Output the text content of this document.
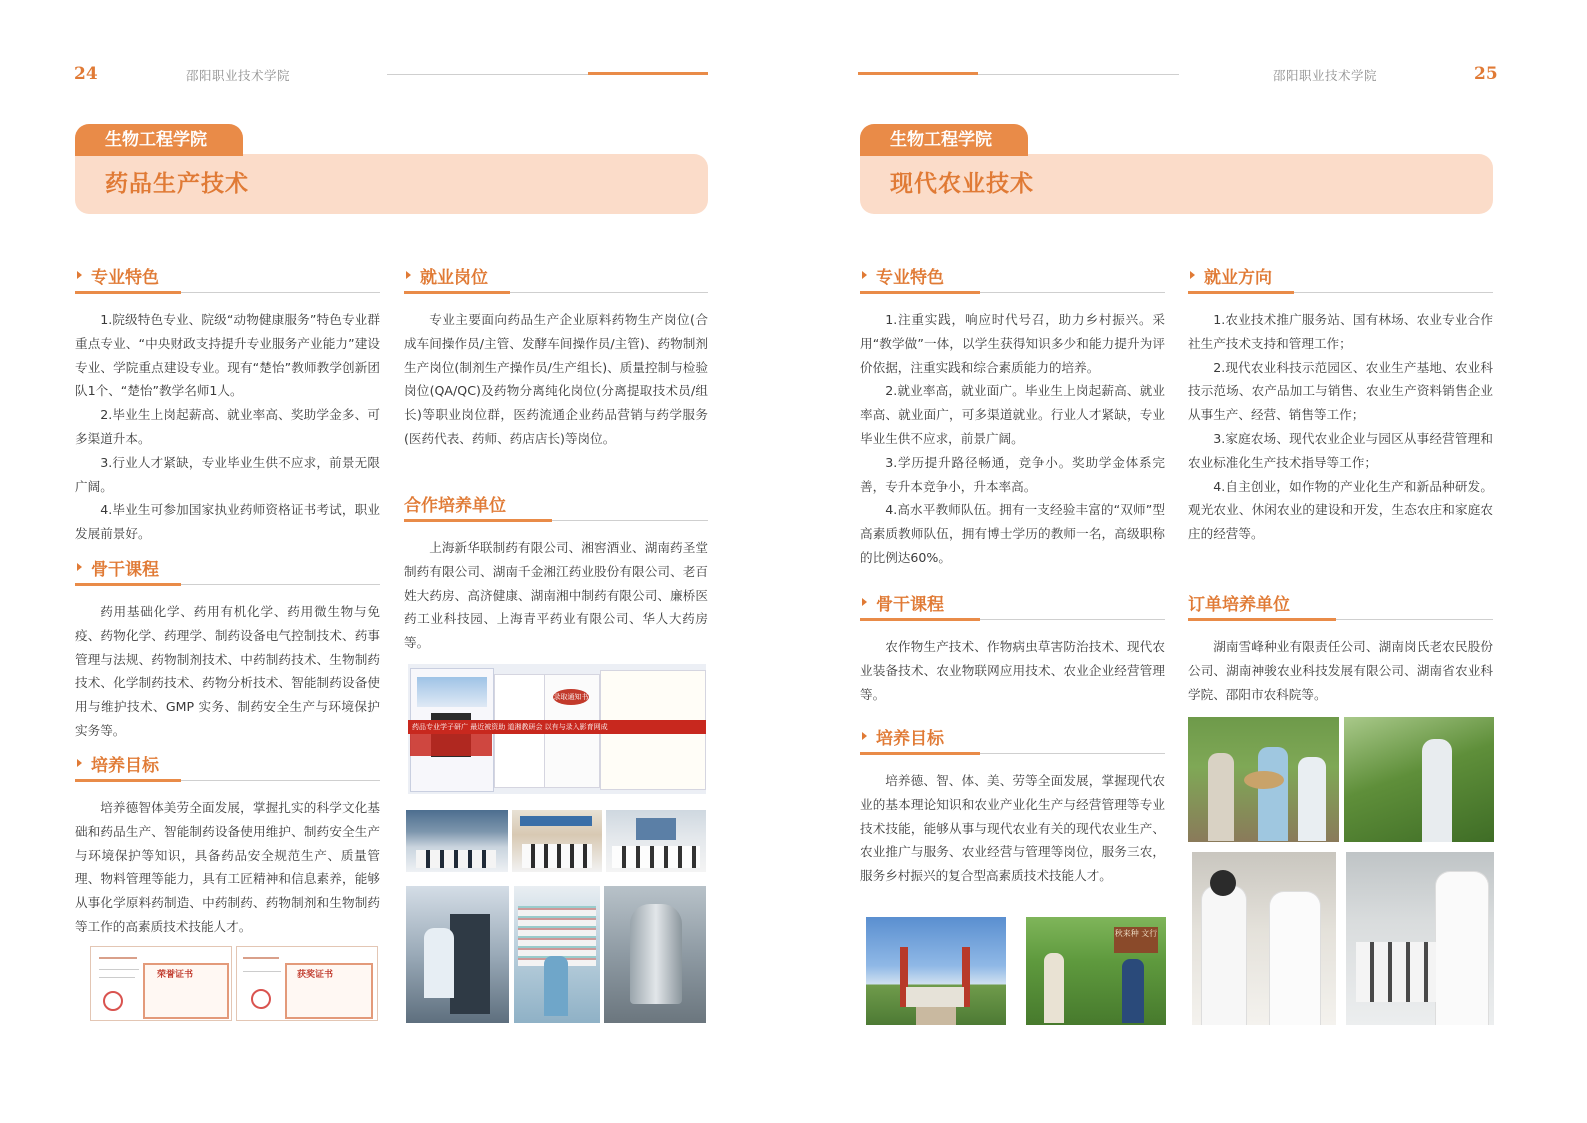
24	邵阳职业技术学院
药品生产技术
生物工程学院
专业特色

1.院级特色专业、院级“动物健康服务”特色专业群重点专业、“中央财政支持提升专业服务产业能力”建设专业、学院重点建设专业。现有“楚怡”教师教学创新团队1个、“楚怡”教学名师1人。

2.毕业生上岗起薪高、就业率高、奖助学金多、可多渠道升本。

3.行业人才紧缺，专业毕业生供不应求，前景无限广阔。

4.毕业生可参加国家执业药师资格证书考试，职业发展前景好。

骨干课程

药用基础化学、药用有机化学、药用微生物与免疫、药物化学、药理学、制药设备电气控制技术、药事管理与法规、药物制剂技术、中药制药技术、生物制药技术、化学制药技术、药物分析技术、智能制药设备使用与维护技术、GMP 实务、制药安全生产与环境保护实务等。

培养目标

培养德智体美劳全面发展，掌握扎实的科学文化基础和药品生产、智能制药设备使用维护、制药安全生产与环境保护等知识，具备药品安全规范生产、质量管理、物料管理等能力，具有工匠精神和信息素养，能够从事化学原料药制造、中药制药、药物制剂和生物制药等工作的高素质技术技能人才。

荣誉证书	获奖证书
就业岗位

专业主要面向药品生产企业原料药物生产岗位(合成车间操作员/主管、发酵车间操作员/主管)、药物制剂生产岗位(制剂生产操作员/生产组长)、质量控制与检验岗位(QA/QC)及药物分离纯化岗位(分离提取技术员/组长)等职业岗位群，医药流通企业药品营销与药学服务(医药代表、药师、药店店长)等岗位。

合作培养单位

上海新华联制药有限公司、湘窖酒业、湖南药圣堂制药有限公司、湖南千金湘江药业股份有限公司、老百姓大药房、高济健康、湖南湘中制药有限公司、廉桥医药工业科技园、上海青平药业有限公司、华人大药房等。

录取通知书
药品专业学子研广 最近被资助 道湘教研会 以有与录入影育网成
邵阳职业技术学院	25
现代农业技术
生物工程学院
专业特色

1.注重实践，响应时代号召，助力乡村振兴。采用“教学做”一体，以学生获得知识多少和能力提升为评价依据，注重实践和综合素质能力的培养。

2.就业率高，就业面广。毕业生上岗起薪高、就业率高、就业面广，可多渠道就业。行业人才紧缺，专业毕业生供不应求，前景广阔。

3.学历提升路径畅通，竞争小。奖助学金体系完善，专升本竞争小，升本率高。

4.高水平教师队伍。拥有一支经验丰富的“双师”型高素质教师队伍，拥有博士学历的教师一名，高级职称的比例达60%。

骨干课程

农作物生产技术、作物病虫草害防治技术、现代农业装备技术、农业物联网应用技术、农业企业经营管理等。

培养目标

培养德、智、体、美、劳等全面发展，掌握现代农业的基本理论知识和农业产业化生产与经营管理等专业技术技能，能够从事与现代农业有关的现代农业生产、农业推广与服务、农业经营与管理等岗位，服务三农，服务乡村振兴的复合型高素质技术技能人才。

秋来种 文行
就业方向

1.农业技术推广服务站、国有林场、农业专业合作社生产技术支持和管理工作；

2.现代农业科技示范园区、农业生产基地、农业科技示范场、农产品加工与销售、农业生产资料销售企业从事生产、经营、销售等工作；

3.家庭农场、现代农业企业与园区从事经营管理和农业标准化生产技术指导等工作；

4.自主创业，如作物的产业化生产和新品种研发。观光农业、休闲农业的建设和开发，生态农庄和家庭农庄的经营等。

订单培养单位

湖南雪峰种业有限责任公司、湖南岗氏老农民股份公司、湖南神骏农业科技发展有限公司、湖南省农业科学院、邵阳市农科院等。
